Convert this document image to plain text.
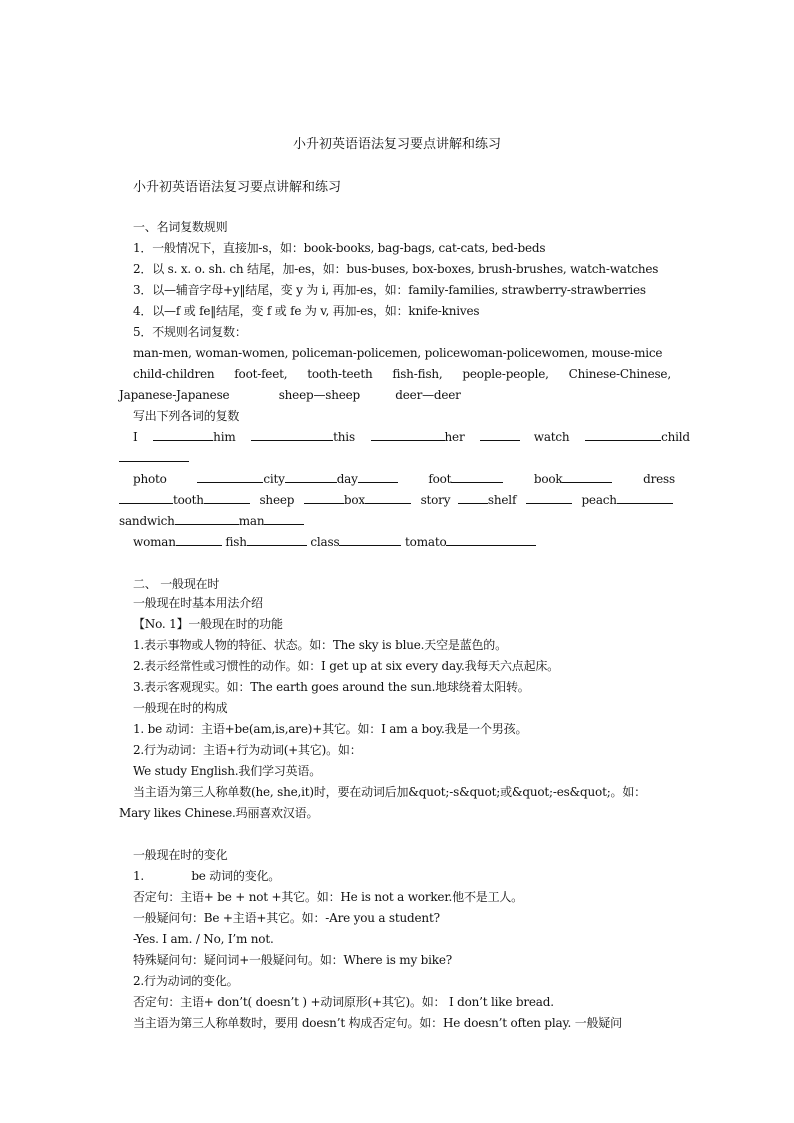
小升初英语语法复习要点讲解和练习
小升初英语语法复习要点讲解和练习
一、名词复数规则
1．一般情况下，直接加-s，如：book-books, bag-bags, cat-cats, bed-beds
2．以 s. x. o. sh. ch 结尾，加-es，如：bus-buses, box-boxes, brush-brushes, watch-watches
3．以—辅音字母+y‖结尾，变 y 为 i, 再加-es，如：family-families, strawberry-strawberries
4．以—f 或 fe‖结尾，变 f 或 fe 为 v, 再加-es，如：knife-knives
5．不规则名词复数：
man-men, woman-women, policeman-policemen, policewoman-policewomen, mouse-mice
child-children foot-feet, tooth-teeth fish-fish, people-people, Chinese-Chinese,
Japanese-Japanese	sheep—sheep	deer—deer
写出下列各词的复数
I	him	this	her	watch	child
photo	city	day	foot	book	dress
tooth	sheep	box	story	shelf	peach
sandwich	man
woman	fish	class	tomato
二、 一般现在时
一般现在时基本用法介绍
【No. 1】一般现在时的功能
1.表示事物或人物的特征、状态。如：The sky is blue.天空是蓝色的。
2.表示经常性或习惯性的动作。如：I get up at six every day.我每天六点起床。
3.表示客观现实。如：The earth goes around the sun.地球绕着太阳转。
一般现在时的构成
1. be 动词：主语+be(am,is,are)+其它。如：I am a boy.我是一个男孩。
2.行为动词：主语+行为动词(+其它)。如：
We study English.我们学习英语。
当主语为第三人称单数(he, she,it)时，要在动词后加&quot;-s&quot;或&quot;-es&quot;。如：
Mary likes Chinese.玛丽喜欢汉语。
一般现在时的变化
1.	be 动词的变化。
否定句：主语+ be + not +其它。如：He is not a worker.他不是工人。
一般疑问句：Be +主语+其它。如：-Are you a student?
-Yes. I am. / No, I’m not.
特殊疑问句：疑问词+一般疑问句。如：Where is my bike?
2.行为动词的变化。
否定句：主语+ don’t( doesn’t ) +动词原形(+其它)。如： I don’t like bread.
当主语为第三人称单数时，要用 doesn’t 构成否定句。如：He doesn’t often play. 一般疑问
